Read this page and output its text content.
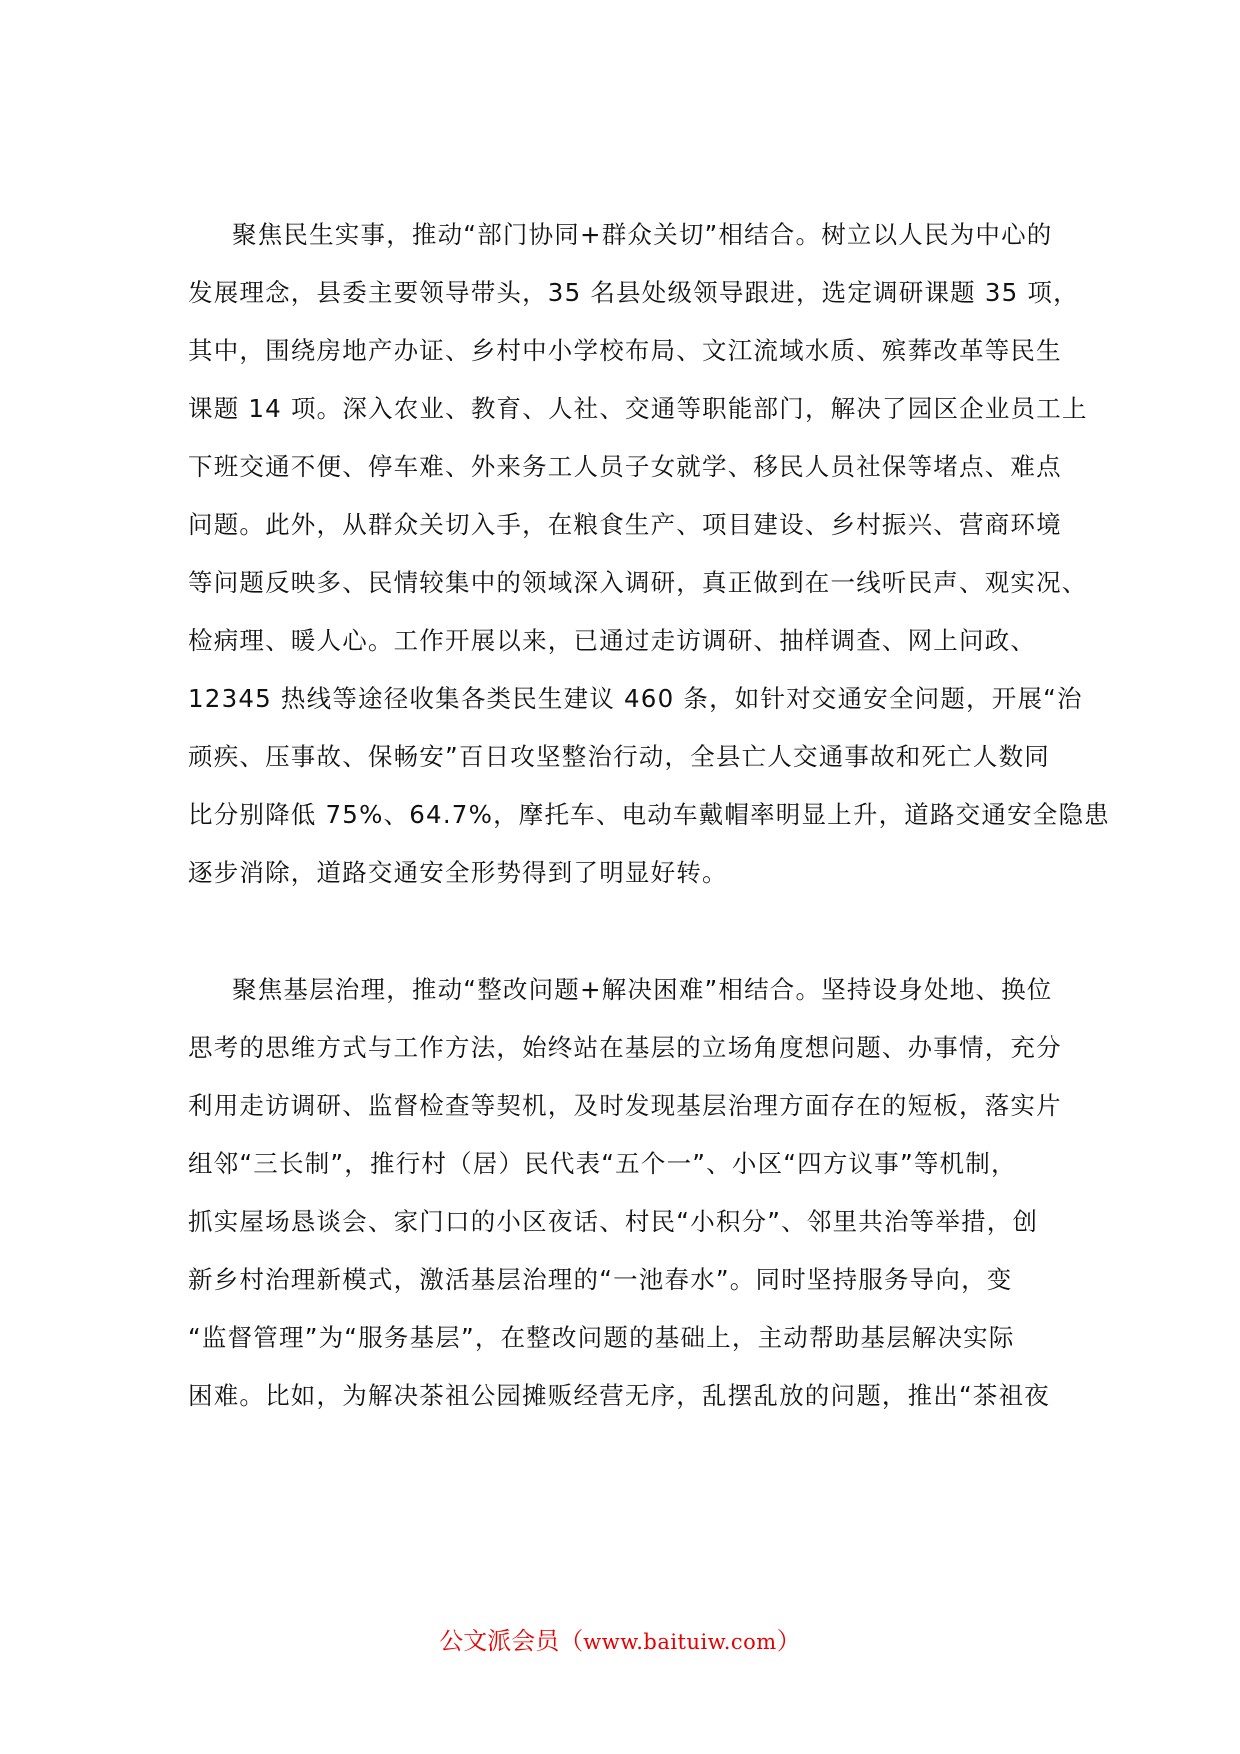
聚焦民生实事，推动“部门协同+群众关切”相结合。树立以人民为中心的
发展理念，县委主要领导带头，35 名县处级领导跟进，选定调研课题 35 项，
其中，围绕房地产办证、乡村中小学校布局、文江流域水质、殡葬改革等民生
课题 14 项。深入农业、教育、人社、交通等职能部门，解决了园区企业员工上
下班交通不便、停车难、外来务工人员子女就学、移民人员社保等堵点、难点
问题。此外，从群众关切入手，在粮食生产、项目建设、乡村振兴、营商环境
等问题反映多、民情较集中的领域深入调研，真正做到在一线听民声、观实况、
检病理、暖人心。工作开展以来，已通过走访调研、抽样调查、网上问政、
12345 热线等途径收集各类民生建议 460 条，如针对交通安全问题，开展“治
顽疾、压事故、保畅安”百日攻坚整治行动，全县亡人交通事故和死亡人数同
比分别降低 75%、64.7%，摩托车、电动车戴帽率明显上升，道路交通安全隐患
逐步消除，道路交通安全形势得到了明显好转。
聚焦基层治理，推动“整改问题+解决困难”相结合。坚持设身处地、换位
思考的思维方式与工作方法，始终站在基层的立场角度想问题、办事情，充分
利用走访调研、监督检查等契机，及时发现基层治理方面存在的短板，落实片
组邻“三长制”，推行村（居）民代表“五个一”、小区“四方议事”等机制，
抓实屋场恳谈会、家门口的小区夜话、村民“小积分”、邻里共治等举措，创
新乡村治理新模式，激活基层治理的“一池春水”。同时坚持服务导向，变
“监督管理”为“服务基层”，在整改问题的基础上，主动帮助基层解决实际
困难。比如，为解决茶祖公园摊贩经营无序，乱摆乱放的问题，推出“茶祖夜
公文派会员（www.baituiw.com）
